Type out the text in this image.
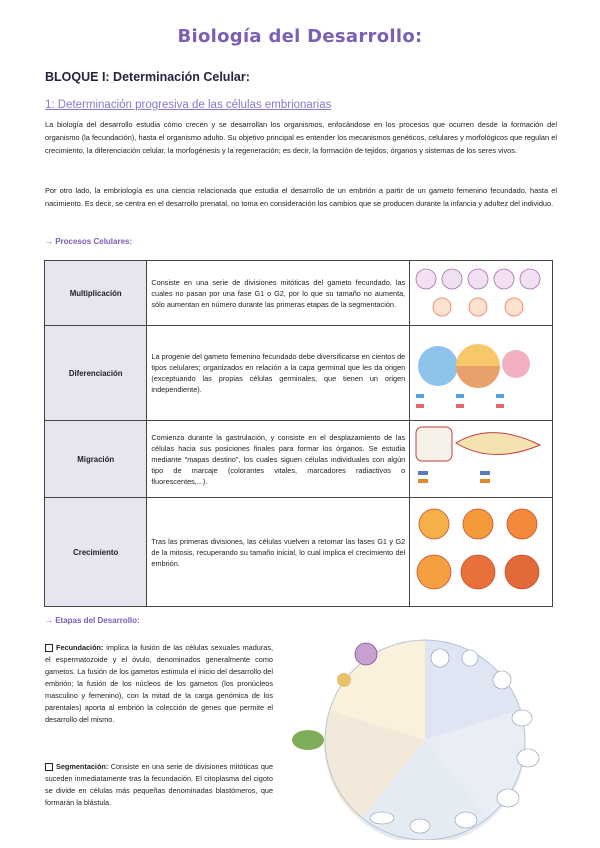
Biología del Desarrollo:
BLOQUE I: Determinación Celular:
1: Determinación progresiva de las células embrionarias
La biología del desarrollo estudia cómo crecen y se desarrollan los organismos, enfocándose en los procesos que ocurren desde la formación del organismo (la fecundación), hasta el organismo adulto. Su objetivo principal es entender los mecanismos genéticos, celulares y morfológicos que regulan el crecimiento, la diferenciación celular, la morfogénesis y la regeneración; es decir, la formación de tejidos, órganos y sistemas de los seres vivos.
Por otro lado, la embriología es una ciencia relacionada que estudia el desarrollo de un embrión a partir de un gameto femenino fecundado, hasta el nacimiento. Es decir, se centra en el desarrollo prenatal, no toma en consideración los cambios que se producen durante la infancia y adultez del individuo.
→ Procesos Celulares:
Multiplicación	Consiste en una serie de divisiones mitóticas del gameto fecundado, las cuales no pasan por una fase G1 o G2, por lo que su tamaño no aumenta, sólo aumentan en número durante las primeras etapas de la segmentación.	
Diferenciación	La progenie del gameto femenino fecundado debe diversificarse en cientos de tipos celulares; organizados en relación a la capa germinal que les da origen (exceptuando las propias células germinales, que tienen un origen independiente).	
Migración	Comienza durante la gastrulación, y consiste en el desplazamiento de las células hacia sus posiciones finales para formar los órganos. Se estudia mediante "mapas destino", los cuales siguen células individuales con algún tipo de marcaje (colorantes vitales, marcadores radiactivos o fluorescentes,...).	
Crecimiento	Tras las primeras divisiones, las células vuelven a retomar las fases G1 y G2 de la mitosis, recuperando su tamaño inicial, lo cual implica el crecimiento del embrión.	
→ Etapas del Desarrollo:
Fecundación: implica la fusión de las células sexuales maduras, el espermatozoide y el óvulo, denominados generalmente como gametos. La fusión de los gametos estimula el inicio del desarrollo del embrión; la fusión de los núcleos de los gametos (los pronúcleos masculino y femenino), con la mitad de la carga genómica de los parentales) aporta al embrión la colección de genes que permite el desarrollo del mismo.
Segmentación: Consiste en una serie de divisiones mitóticas que suceden inmediatamente tras la fecundación. El citoplasma del cigoto se divide en células más pequeñas denominadas blastómeros, que formarán la blástula.
